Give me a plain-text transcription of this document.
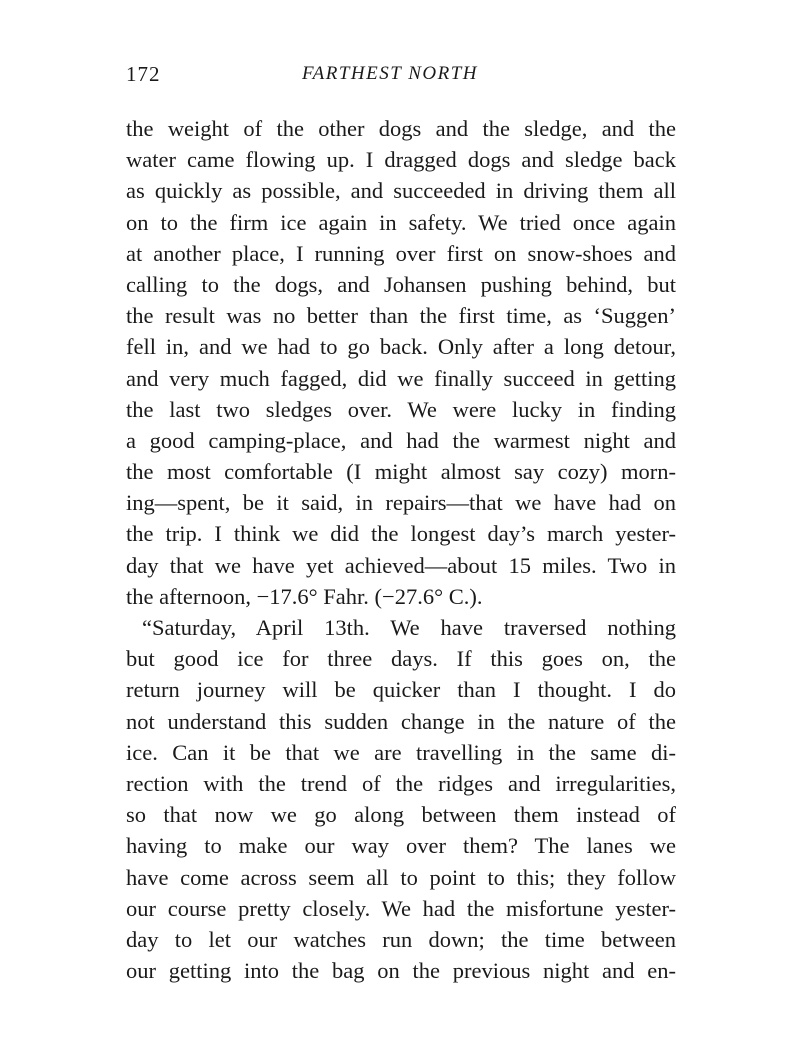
172	FARTHEST NORTH
the weight of the other dogs and the sledge, and the
water came flowing up. I dragged dogs and sledge back
as quickly as possible, and succeeded in driving them all
on to the firm ice again in safety. We tried once again
at another place, I running over first on snow-shoes and
calling to the dogs, and Johansen pushing behind, but
the result was no better than the first time, as ‘Suggen’
fell in, and we had to go back. Only after a long detour,
and very much fagged, did we finally succeed in getting
the last two sledges over. We were lucky in finding
a good camping-place, and had the warmest night and
the most comfortable (I might almost say cozy) morn-
ing—spent, be it said, in repairs—that we have had on
the trip. I think we did the longest day’s march yester-
day that we have yet achieved—about 15 miles. Two in
the afternoon, −17.6° Fahr. (−27.6° C.).
“Saturday, April 13th. We have traversed nothing
but good ice for three days. If this goes on, the
return journey will be quicker than I thought. I do
not understand this sudden change in the nature of the
ice. Can it be that we are travelling in the same di-
rection with the trend of the ridges and irregularities,
so that now we go along between them instead of
having to make our way over them? The lanes we
have come across seem all to point to this; they follow
our course pretty closely. We had the misfortune yester-
day to let our watches run down; the time between
our getting into the bag on the previous night and en-
